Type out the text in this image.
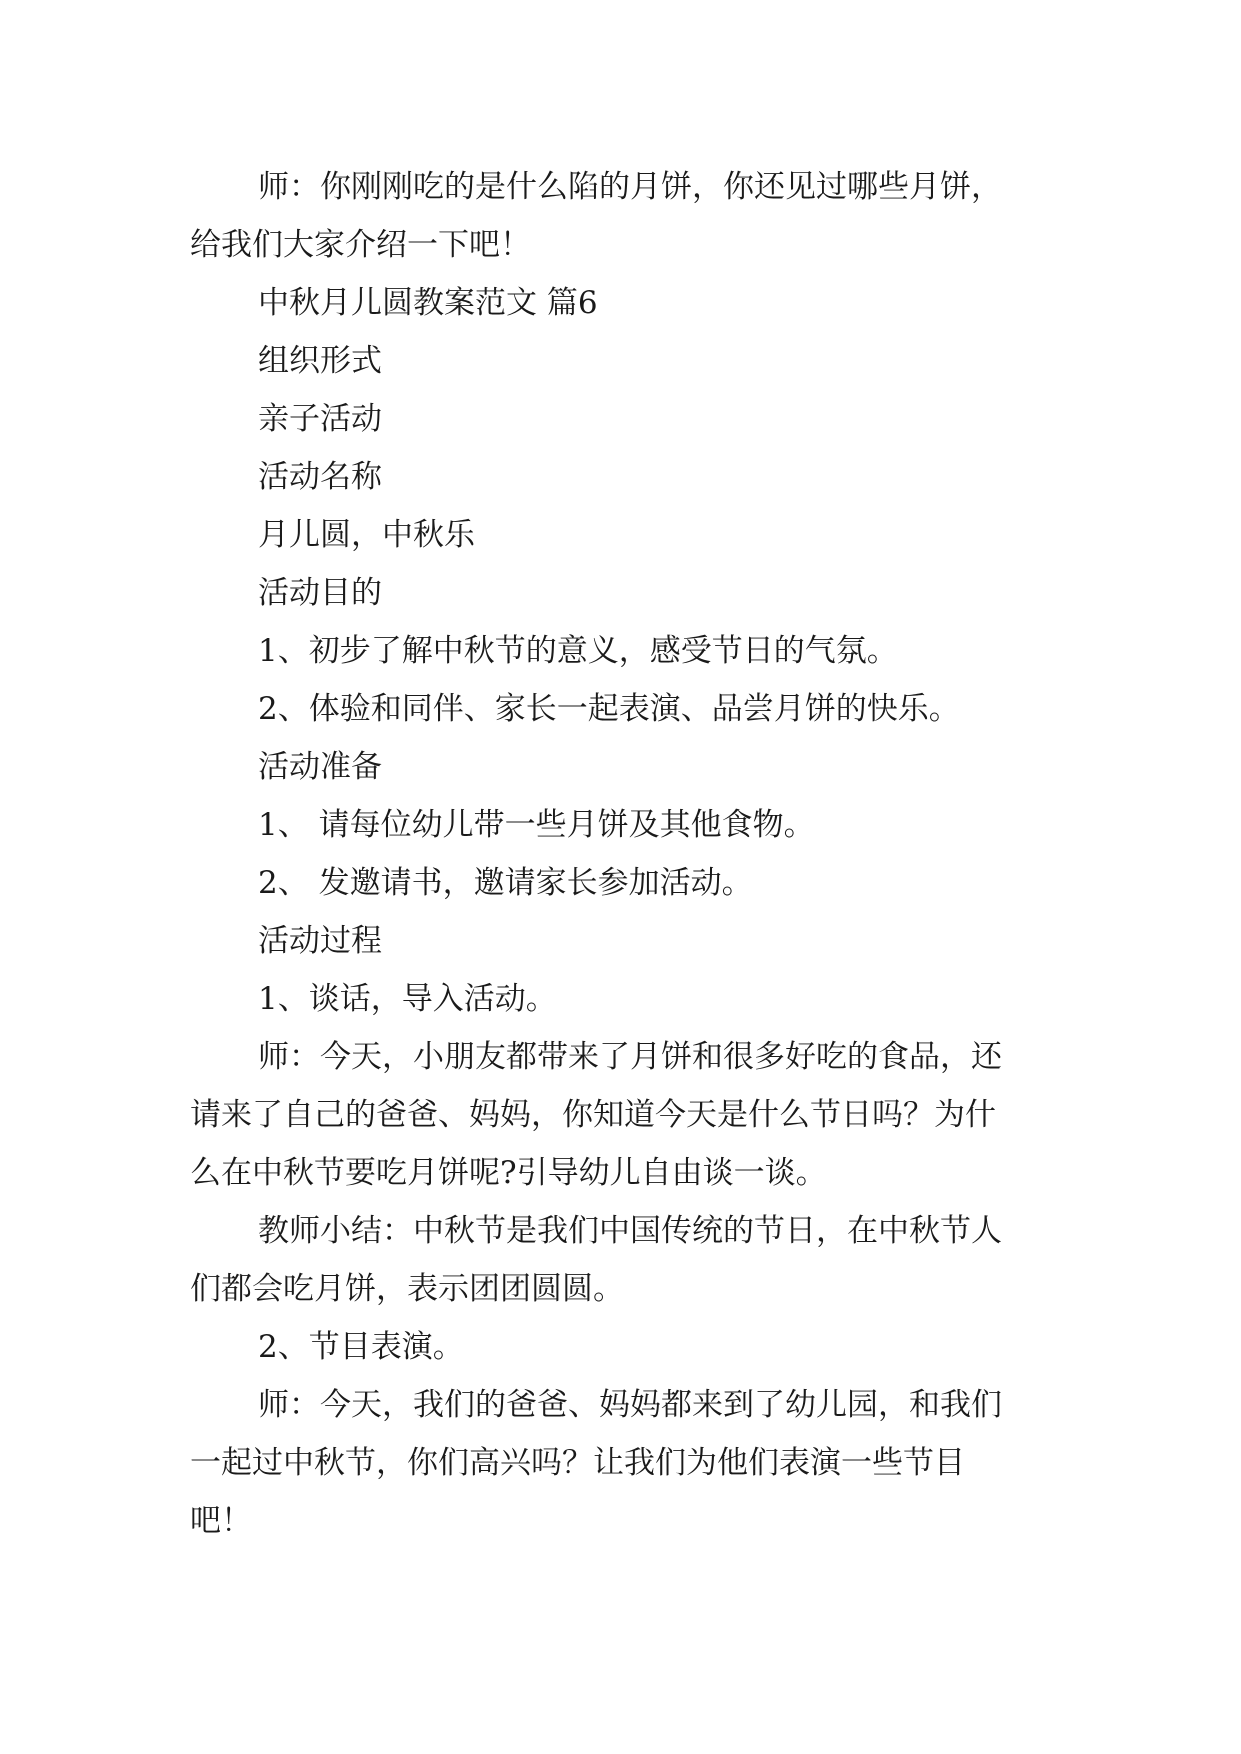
师：你刚刚吃的是什么陷的月饼，你还见过哪些月饼，

给我们大家介绍一下吧！

中秋月儿圆教案范文 篇6

组织形式

亲子活动

活动名称

月儿圆，中秋乐

活动目的

1、初步了解中秋节的意义，感受节日的气氛。

2、体验和同伴、家长一起表演、品尝月饼的快乐。

活动准备

1、 请每位幼儿带一些月饼及其他食物。

2、 发邀请书，邀请家长参加活动。

活动过程

1、谈话，导入活动。

师：今天，小朋友都带来了月饼和很多好吃的食品，还

请来了自己的爸爸、妈妈，你知道今天是什么节日吗？为什

么在中秋节要吃月饼呢?引导幼儿自由谈一谈。

教师小结：中秋节是我们中国传统的节日，在中秋节人

们都会吃月饼，表示团团圆圆。

2、节目表演。

师：今天，我们的爸爸、妈妈都来到了幼儿园，和我们

一起过中秋节，你们高兴吗？让我们为他们表演一些节目

吧！
